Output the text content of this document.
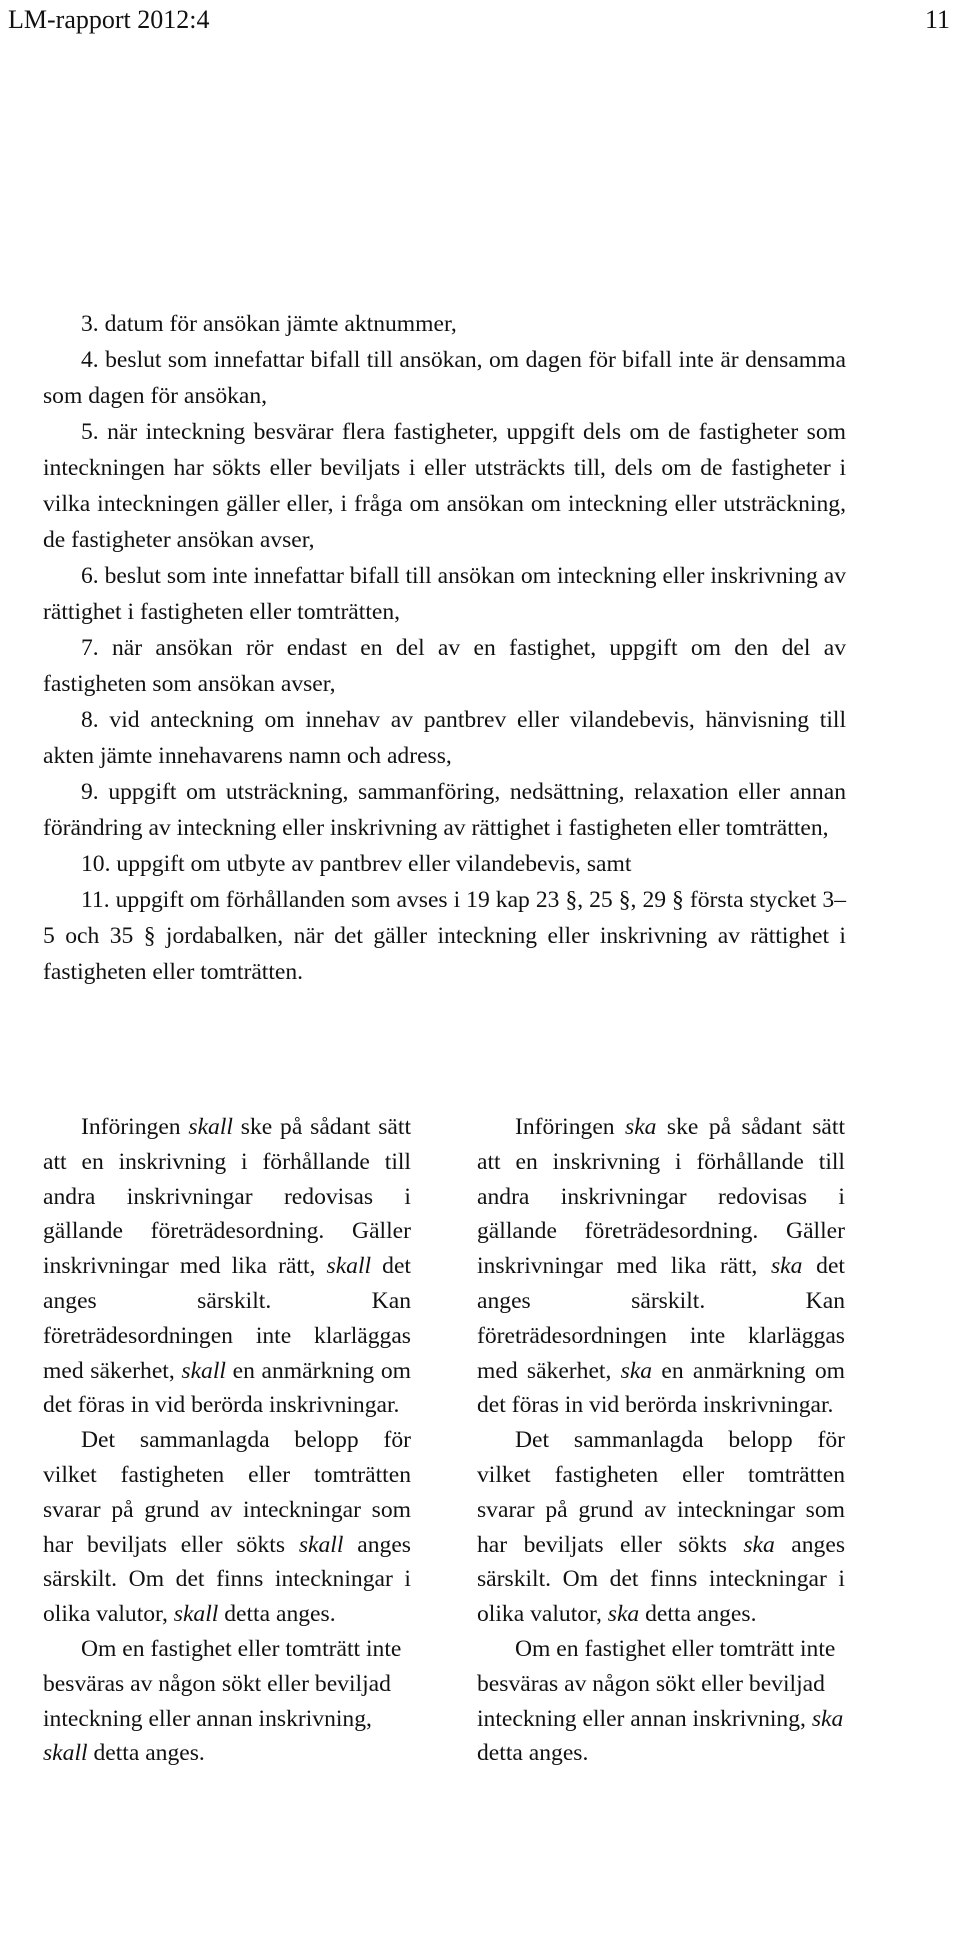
LM-rapport 2012:4	11

3. datum för ansökan jämte aktnummer,

4. beslut som innefattar bifall till ansökan, om dagen för bifall inte är densamma som dagen för ansökan,

5. när inteckning besvärar flera fastigheter, uppgift dels om de fastigheter som inteckningen har sökts eller beviljats i eller utsträckts till, dels om de fastigheter i vilka inteckningen gäller eller, i fråga om ansökan om inteckning eller utsträckning, de fastigheter ansökan avser,

6. beslut som inte innefattar bifall till ansökan om inteckning eller inskrivning av rättighet i fastigheten eller tomträtten,

7. när ansökan rör endast en del av en fastighet, uppgift om den del av fastigheten som ansökan avser,

8. vid anteckning om innehav av pantbrev eller vilandebevis, hänvisning till akten jämte innehavarens namn och adress,

9. uppgift om utsträckning, sammanföring, nedsättning, relaxation eller annan förändring av inteckning eller inskrivning av rättighet i fastigheten eller tomträtten,

10. uppgift om utbyte av pantbrev eller vilandebevis, samt

11. uppgift om förhållanden som avses i 19 kap 23 §, 25 §, 29 § första stycket 3–5 och 35 § jordabalken, när det gäller inteckning eller inskrivning av rättighet i fastigheten eller tomträtten.

Införingen skall ske på sådant sätt att en inskrivning i förhållande till andra inskrivningar redovisas i gällande företrädesordning. Gäller inskrivningar med lika rätt, skall det anges särskilt. Kan företrädesordningen inte klarläggas med säkerhet, skall en anmärkning om det föras in vid berörda inskrivningar.

Det sammanlagda belopp för vilket fastigheten eller tomträtten svarar på grund av inteckningar som har beviljats eller sökts skall anges särskilt. Om det finns inteckningar i olika valutor, skall detta anges.

Om en fastighet eller tomträtt inte besväras av någon sökt eller beviljad inteckning eller annan inskrivning, skall detta anges.

Införingen ska ske på sådant sätt att en inskrivning i förhållande till andra inskrivningar redovisas i gällande företrädesordning. Gäller inskrivningar med lika rätt, ska det anges särskilt. Kan företrädesordningen inte klarläggas med säkerhet, ska en anmärkning om det föras in vid berörda inskrivningar.

Det sammanlagda belopp för vilket fastigheten eller tomträtten svarar på grund av inteckningar som har beviljats eller sökts ska anges särskilt. Om det finns inteckningar i olika valutor, ska detta anges.

Om en fastighet eller tomträtt inte besväras av någon sökt eller beviljad inteckning eller annan inskrivning, ska detta anges.
